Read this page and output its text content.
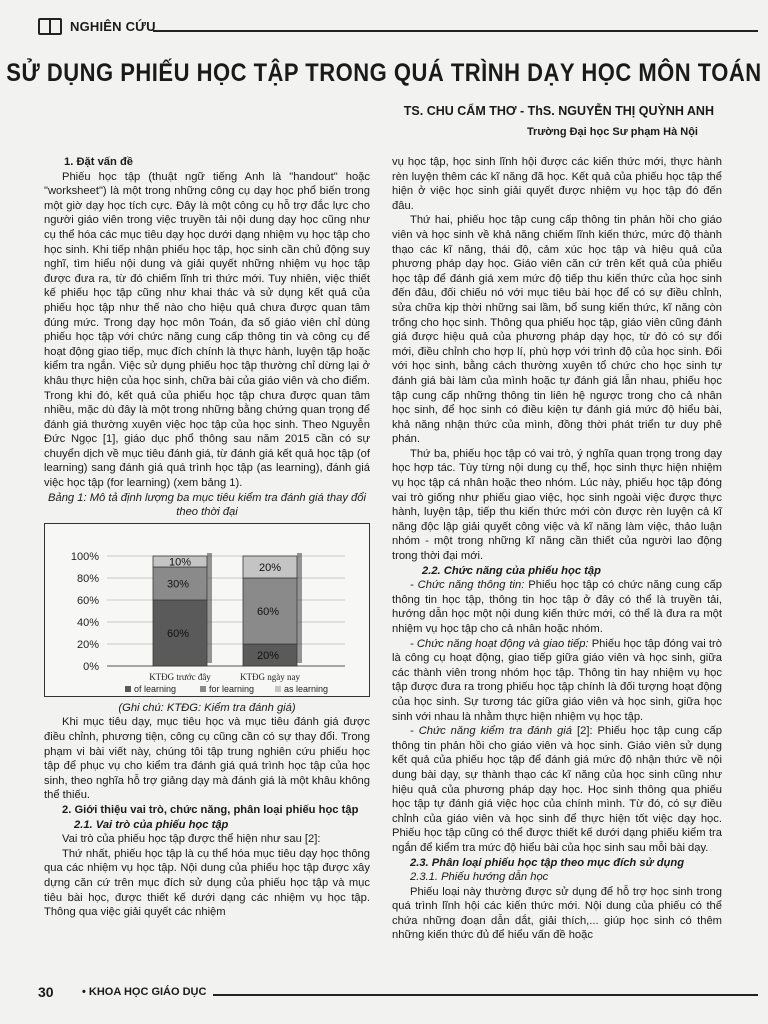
NGHIÊN CỨU
SỬ DỤNG PHIẾU HỌC TẬP TRONG QUÁ TRÌNH DẠY HỌC MÔN TOÁN
TS. CHU CẨM THƠ - ThS. NGUYỄN THỊ QUỲNH ANH
Trường Đại học Sư phạm Hà Nội

1. Đặt vấn đề

Phiếu học tập (thuật ngữ tiếng Anh là "handout" hoặc "worksheet") là một trong những công cụ dạy học phổ biến trong một giờ dạy học tích cực. Đây là một công cụ hỗ trợ đắc lực cho người giáo viên trong việc truyền tải nội dung dạy học cũng như cụ thể hóa các mục tiêu dạy học dưới dạng nhiệm vụ học tập cho học sinh. Khi tiếp nhận phiếu học tập, học sinh cần chủ động suy nghĩ, tìm hiểu nội dung và giải quyết những nhiệm vụ học tập được đưa ra, từ đó chiếm lĩnh tri thức mới. Tuy nhiên, việc thiết kế phiếu học tập cũng như khai thác và sử dụng kết quả của phiếu học tập như thế nào cho hiệu quả chưa được quan tâm đúng mức. Trong dạy học môn Toán, đa số giáo viên chỉ dùng phiếu học tập với chức năng cung cấp thông tin và công cụ để hoạt động giao tiếp, mục đích chính là thực hành, luyện tập hoặc kiểm tra ngắn. Việc sử dụng phiếu học tập thường chỉ dừng lại ở khâu thực hiện của học sinh, chữa bài của giáo viên và cho điểm. Trong khi đó, kết quả của phiếu học tập chưa được quan tâm nhiều, mặc dù đây là một trong những bằng chứng quan trọng để đánh giá thường xuyên việc học tập của học sinh. Theo Nguyễn Đức Ngọc [1], giáo dục phổ thông sau năm 2015 cần có sự chuyển dịch về mục tiêu đánh giá, từ đánh giá kết quả học tập (of learning) sang đánh giá quá trình học tập (as learning), đánh giá việc học tập (for learning) (xem bảng 1).

Bảng 1: Mô tả định lượng ba mục tiêu kiểm tra đánh giá thay đổi theo thời đại

0%
20%
40%
60%
80%
100%
60%
30%
10%
KTĐG trước đây
20%
60%
20%
KTĐG ngày nay
of learning	for learning	as learning

(Ghi chú: KTĐG: Kiểm tra đánh giá)

Khi mục tiêu dạy, mục tiêu học và mục tiêu đánh giá được điều chỉnh, phương tiện, công cụ cũng cần có sự thay đổi. Trong phạm vi bài viết này, chúng tôi tập trung nghiên cứu phiếu học tập để phục vụ cho kiểm tra đánh giá quá trình học tập của học sinh, theo nghĩa hỗ trợ giảng dạy mà đánh giá là một khâu không thể thiếu.

2. Giới thiệu vai trò, chức năng, phân loại phiếu học tập

2.1. Vai trò của phiếu học tập

Vai trò của phiếu học tập được thể hiện như sau [2]:

Thứ nhất, phiếu học tập là cụ thể hóa mục tiêu dạy học thông qua các nhiệm vụ học tập. Nội dung của phiếu học tập được xây dựng căn cứ trên mục đích sử dụng của phiếu học tập và mục tiêu bài học, được thiết kế dưới dạng các nhiệm vụ học tập. Thông qua việc giải quyết các nhiệm

vụ học tập, học sinh lĩnh hội được các kiến thức mới, thực hành rèn luyện thêm các kĩ năng đã học. Kết quả của phiếu học tập thể hiện ở việc học sinh giải quyết được nhiệm vụ học tập đó đến đâu.

Thứ hai, phiếu học tập cung cấp thông tin phản hồi cho giáo viên và học sinh về khả năng chiếm lĩnh kiến thức, mức độ thành thạo các kĩ năng, thái độ, cảm xúc học tập và hiệu quả của phương pháp dạy học. Giáo viên căn cứ trên kết quả của phiếu học tập để đánh giá xem mức độ tiếp thu kiến thức của học sinh đến đâu, đối chiếu nó với mục tiêu bài học để có sự điều chỉnh, sửa chữa kịp thời những sai lầm, bổ sung kiến thức, kĩ năng còn trống cho học sinh. Thông qua phiếu học tập, giáo viên cũng đánh giá được hiệu quả của phương pháp dạy học, từ đó có sự đổi mới, điều chỉnh cho hợp lí, phù hợp với trình độ của học sinh. Đối với học sinh, bằng cách thường xuyên tổ chức cho học sinh tự đánh giá bài làm của mình hoặc tự đánh giá lẫn nhau, phiếu học tập cung cấp những thông tin liên hệ ngược trong cho cả nhân học sinh, để học sinh có điều kiện tự đánh giá mức độ hiểu bài, khả năng nhận thức của mình, đồng thời phát triển tư duy phê phán.

Thứ ba, phiếu học tập có vai trò, ý nghĩa quan trọng trong dạy học hợp tác. Tùy từng nội dung cụ thể, học sinh thực hiện nhiệm vụ học tập cá nhân hoặc theo nhóm. Lúc này, phiếu học tập đóng vai trò giống như phiếu giao việc, học sinh ngoài việc được thực hành, luyện tập, tiếp thu kiến thức mới còn được rèn luyện cả kĩ năng độc lập giải quyết công việc và kĩ năng làm việc, thảo luận nhóm - một trong những kĩ năng cần thiết của người lao động trong thời đại mới.

2.2. Chức năng của phiếu học tập

- Chức năng thông tin: Phiếu học tập có chức năng cung cấp thông tin học tập, thông tin học tập ở đây có thể là truyền tải, hướng dẫn học một nội dung kiến thức mới, có thể là đưa ra một nhiệm vụ học tập cho cả nhân hoặc nhóm.

- Chức năng hoạt động và giao tiếp: Phiếu học tập đóng vai trò là công cụ hoạt động, giao tiếp giữa giáo viên và học sinh, giữa các thành viên trong nhóm học tập. Thông tin hay nhiệm vụ học tập được đưa ra trong phiếu học tập chính là đối tượng hoạt động của học sinh. Sự tương tác giữa giáo viên và học sinh, giữa học sinh với nhau là nhằm thực hiện nhiệm vụ học tập.

- Chức năng kiểm tra đánh giá [2]: Phiếu học tập cung cấp thông tin phản hồi cho giáo viên và học sinh. Giáo viên sử dụng kết quả của phiếu học tập để đánh giá mức độ nhận thức về nội dung bài dạy, sự thành thạo các kĩ năng của học sinh cũng như hiệu quả của phương pháp dạy học. Học sinh thông qua phiếu học tập tự đánh giá việc học của chính mình. Từ đó, có sự điều chỉnh của giáo viên và học sinh để thực hiện tốt việc dạy học. Phiếu học tập cũng có thể được thiết kế dưới dạng phiếu kiểm tra ngắn để kiểm tra mức độ hiểu bài của học sinh sau mỗi bài dạy.

2.3. Phân loại phiếu học tập theo mục đích sử dụng

2.3.1. Phiếu hướng dẫn học

Phiếu loại này thường được sử dụng để hỗ trợ học sinh trong quá trình lĩnh hội các kiến thức mới. Nội dung của phiếu có thể chứa những đoạn dẫn dắt, giải thích,... giúp học sinh có thêm những kiến thức đủ để hiểu vấn đề hoặc

30	• KHOA HỌC GIÁO DỤC
